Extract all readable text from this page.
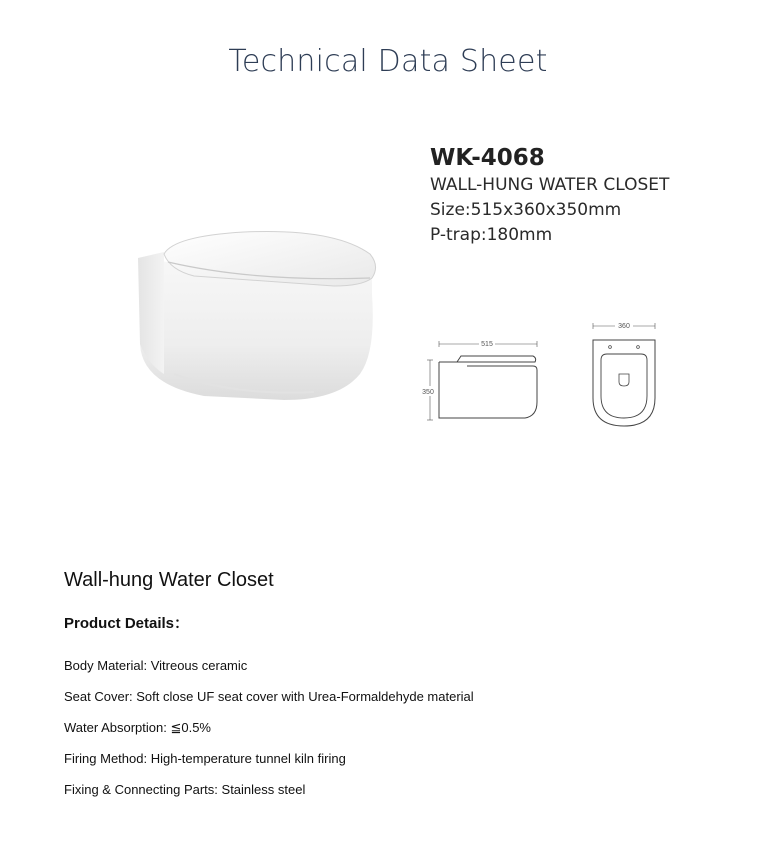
Technical Data Sheet
WK-4068
WALL-HUNG WATER CLOSET
Size:515x360x350mm
P-trap:180mm
515
350
360
Wall-hung Water Closet
Product Details：
Body Material: Vitreous ceramic
Seat Cover: Soft close UF seat cover with Urea-Formaldehyde material
Water Absorption: ≦0.5%
Firing Method: High-temperature tunnel kiln firing
Fixing & Connecting Parts: Stainless steel
